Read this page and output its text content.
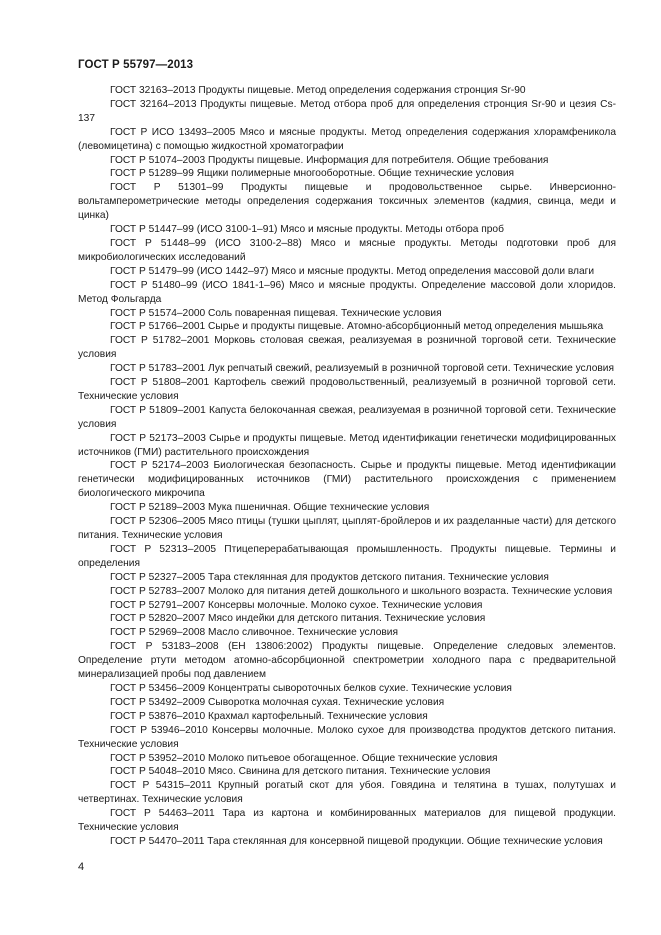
ГОСТ Р 55797—2013
ГОСТ 32163–2013 Продукты пищевые. Метод определения содержания стронция Sr-90
ГОСТ 32164–2013 Продукты пищевые. Метод отбора проб для определения стронция Sr-90 и цезия Cs-137
ГОСТ Р ИСО 13493–2005 Мясо и мясные продукты. Метод определения содержания хлорамфеникола (левомицетина) с помощью жидкостной хроматографии
ГОСТ Р 51074–2003 Продукты пищевые. Информация для потребителя. Общие требования
ГОСТ Р 51289–99 Ящики полимерные многооборотные. Общие технические условия
ГОСТ Р 51301–99 Продукты пищевые и продовольственное сырье. Инверсионно-вольтамперометрические методы определения содержания токсичных элементов (кадмия, свинца, меди и цинка)
ГОСТ Р 51447–99 (ИСО 3100-1–91) Мясо и мясные продукты. Методы отбора проб
ГОСТ Р 51448–99 (ИСО 3100-2–88) Мясо и мясные продукты. Методы подготовки проб для микробиологических исследований
ГОСТ Р 51479–99 (ИСО 1442–97) Мясо и мясные продукты. Метод определения массовой доли влаги
ГОСТ Р 51480–99 (ИСО 1841-1–96) Мясо и мясные продукты. Определение массовой доли хлоридов. Метод Фольгарда
ГОСТ Р 51574–2000 Соль поваренная пищевая. Технические условия
ГОСТ Р 51766–2001 Сырье и продукты пищевые. Атомно-абсорбционный метод определения мышьяка
ГОСТ Р 51782–2001 Морковь столовая свежая, реализуемая в розничной торговой сети. Технические условия
ГОСТ Р 51783–2001 Лук репчатый свежий, реализуемый в розничной торговой сети. Технические условия
ГОСТ Р 51808–2001 Картофель свежий продовольственный, реализуемый в розничной торговой сети. Технические условия
ГОСТ Р 51809–2001 Капуста белокочанная свежая, реализуемая в розничной торговой сети. Технические условия
ГОСТ Р 52173–2003 Сырье и продукты пищевые. Метод идентификации генетически модифицированных источников (ГМИ) растительного происхождения
ГОСТ Р 52174–2003 Биологическая безопасность. Сырье и продукты пищевые. Метод идентификации генетически модифицированных источников (ГМИ) растительного происхождения с применением биологического микрочипа
ГОСТ Р 52189–2003 Мука пшеничная. Общие технические условия
ГОСТ Р 52306–2005 Мясо птицы (тушки цыплят, цыплят-бройлеров и их разделанные части) для детского питания. Технические условия
ГОСТ Р 52313–2005 Птицеперерабатывающая промышленность. Продукты пищевые. Термины и определения
ГОСТ Р 52327–2005 Тара стеклянная для продуктов детского питания. Технические условия
ГОСТ Р 52783–2007 Молоко для питания детей дошкольного и школьного возраста. Технические условия
ГОСТ Р 52791–2007 Консервы молочные. Молоко сухое. Технические условия
ГОСТ Р 52820–2007 Мясо индейки для детского питания. Технические условия
ГОСТ Р 52969–2008 Масло сливочное. Технические условия
ГОСТ Р 53183–2008 (ЕН 13806:2002) Продукты пищевые. Определение следовых элементов. Определение ртути методом атомно-абсорбционной спектрометрии холодного пара с предварительной минерализацией пробы под давлением
ГОСТ Р 53456–2009 Концентраты сывороточных белков сухие. Технические условия
ГОСТ Р 53492–2009 Сыворотка молочная сухая. Технические условия
ГОСТ Р 53876–2010 Крахмал картофельный. Технические условия
ГОСТ Р 53946–2010 Консервы молочные. Молоко сухое для производства продуктов детского питания. Технические условия
ГОСТ Р 53952–2010 Молоко питьевое обогащенное. Общие технические условия
ГОСТ Р 54048–2010 Мясо. Свинина для детского питания. Технические условия
ГОСТ Р 54315–2011 Крупный рогатый скот для убоя. Говядина и телятина в тушах, полутушах и четвертинах. Технические условия
ГОСТ Р 54463–2011 Тара из картона и комбинированных материалов для пищевой продукции. Технические условия
ГОСТ Р 54470–2011 Тара стеклянная для консервной пищевой продукции. Общие технические условия
4
